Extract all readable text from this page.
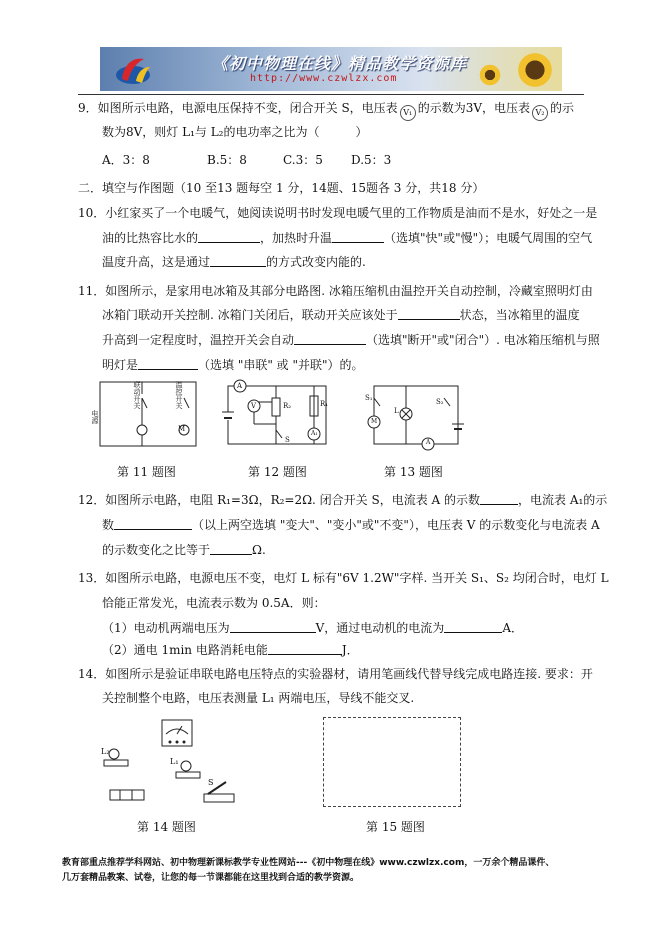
《初中物理在线》精品教学资源库
http://www.czwlzx.com
9．如图所示电路，电源电压保持不变，闭合开关 S，电压表 V₁ 的示数为3V，电压表 V₂ 的示
数为8V，则灯 L₁与 L₂的电功率之比为（　　　）
A．3：8	B.5：8	C.3：5 D.5：3
二．填空与作图题（10 至13 题每空 1 分，14题、15题各 3 分，共18 分）
10．小红家买了一个电暖气，她阅读说明书时发现电暖气里的工作物质是油而不是水，好处之一是
油的比热容比水的	，加热时升温	（选填"快"或"慢"）；电暖气周围的空气
温度升高，这是通过	的方式改变内能的.
11．如图所示，是家用电冰箱及其部分电路图. 冰箱压缩机由温控开关自动控制，冷藏室照明灯由
冰箱门联动开关控制. 冰箱门关闭后，联动开关应该处于	状态，当冰箱里的温度
升高到一定程度时，温控开关会自动	（选填"断开"或"闭合"）. 电冰箱压缩机与照
明灯是	（选填 "串联" 或 "并联"）的。
联动开关	温控开关
电源
M
A
V	R₂	R₁
A₁
S
S₁
L
S₂
M
A
第 11 题图	第 12 题图	第 13 题图
12．如图所示电路，电阻 R₁=3Ω，R₂=2Ω. 闭合开关 S，电流表 A 的示数	，电流表 A₁的示
数	（以上两空选填 "变大"、"变小"或"不变"），电压表 V 的示数变化与电流表 A
的示数变化之比等于	Ω.
13．如图所示电路，电源电压不变，电灯 L 标有"6V 1.2W"字样. 当开关 S₁、S₂ 均闭合时，电灯 L
恰能正常发光，电流表示数为 0.5A．则：
（1）电动机两端电压为	V，通过电动机的电流为	A．
（2）通电 1min 电路消耗电能	J．
14．如图所示是验证串联电路电压特点的实验器材，请用笔画线代替导线完成电路连接. 要求：开
关控制整个电路，电压表测量 L₁ 两端电压，导线不能交叉.
L₂
L₁
S
第 14 题图	第 15 题图
教育部重点推荐学科网站、初中物理新课标教学专业性网站---《初中物理在线》www.czwlzx.com，一万余个精品课件、
几万套精品教案、试卷，让您的每一节课都能在这里找到合适的教学资源。
